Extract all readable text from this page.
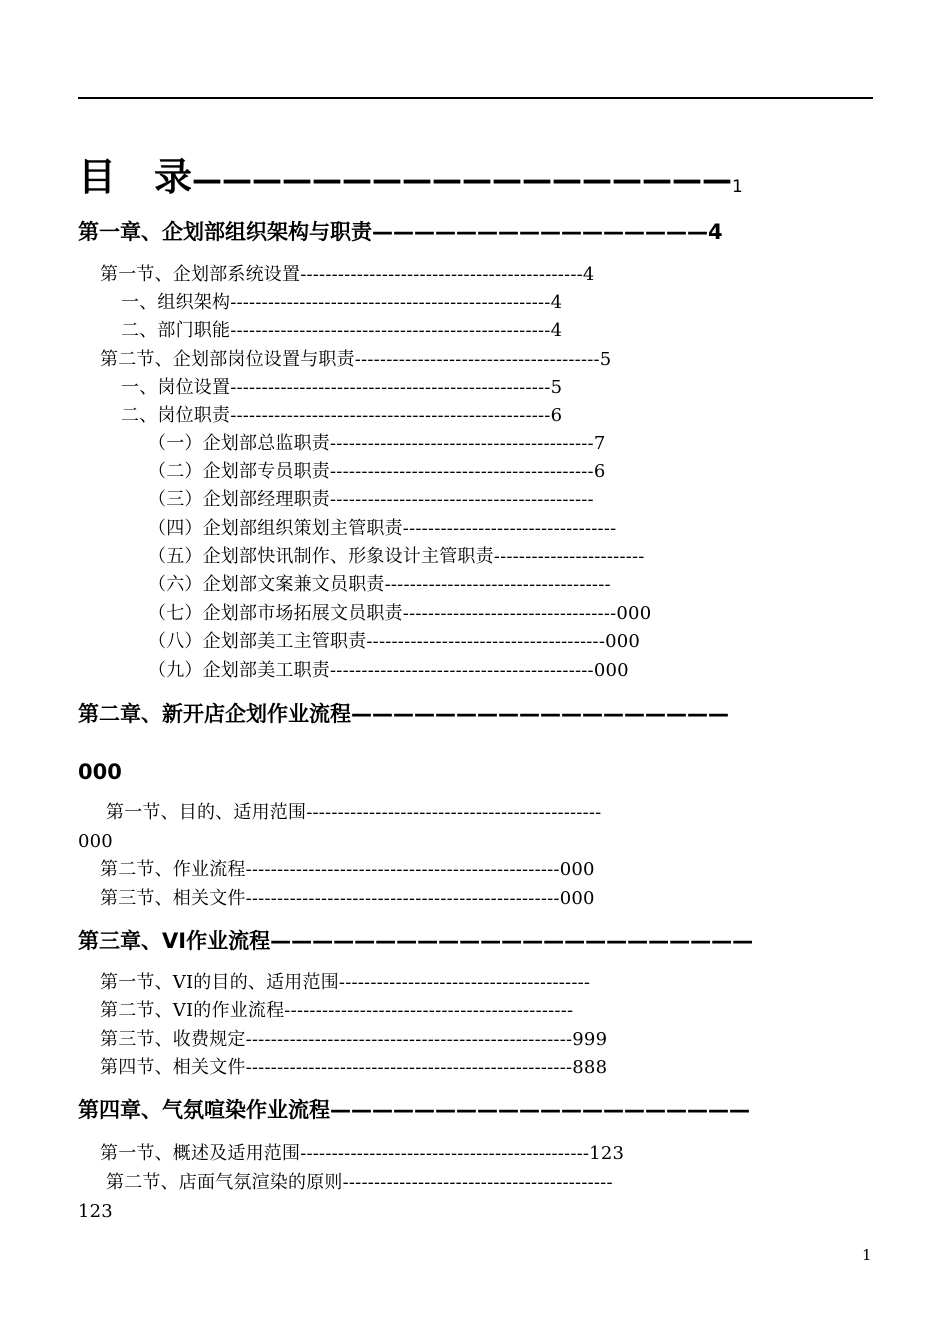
目　录——————————————————1
第一章、企划部组织架构与职责————————————————4
第一节、企划部系统设置---------------------------------------------4
一、组织架构---------------------------------------------------4
二、部门职能---------------------------------------------------4
第二节、企划部岗位设置与职责---------------------------------------5
一、岗位设置---------------------------------------------------5
二、岗位职责---------------------------------------------------6
（一）企划部总监职责------------------------------------------7
（二）企划部专员职责------------------------------------------6
（三）企划部经理职责------------------------------------------
（四）企划部组织策划主管职责----------------------------------
（五）企划部快讯制作、形象设计主管职责------------------------
（六）企划部文案兼文员职责------------------------------------
（七）企划部市场拓展文员职责----------------------------------000
（八）企划部美工主管职责--------------------------------------000
（九）企划部美工职责------------------------------------------000
第二章、新开店企划作业流程——————————————————
000
第一节、目的、适用范围-----------------------------------------------
000
第二节、作业流程--------------------------------------------------000
第三节、相关文件--------------------------------------------------000
第三章、VI作业流程———————————————————————
第一节、VI的目的、适用范围----------------------------------------
第二节、VI的作业流程----------------------------------------------
第三节、收费规定----------------------------------------------------999
第四节、相关文件----------------------------------------------------888
第四章、气氛喧染作业流程————————————————————
第一节、概述及适用范围----------------------------------------------123
第二节、店面气氛渲染的原则-------------------------------------------
123
1
